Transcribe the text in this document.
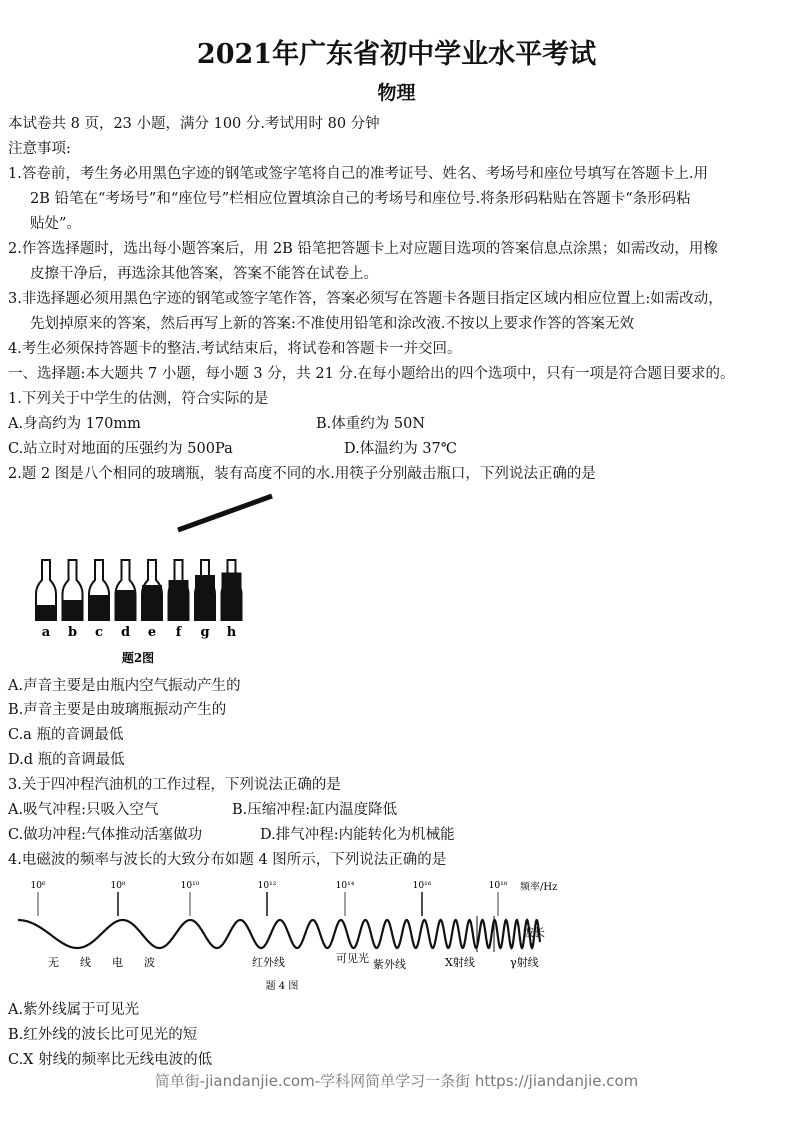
2021年广东省初中学业水平考试
物理
本试卷共 8 页，23 小题，满分 100 分.考试用时 80 分钟
注意事项:
1.答卷前，考生务必用黑色字迹的钢笔或签字笔将自己的准考证号、姓名、考场号和座位号填写在答题卡上.用
2B 铅笔在“考场号”和“座位号”栏相应位置填涂自己的考场号和座位号.将条形码粘贴在答题卡“条形码粘
贴处”。
2.作答选择题时，选出每小题答案后，用 2B 铅笔把答题卡上对应题目选项的答案信息点涂黑；如需改动，用橡
皮擦干净后，再选涂其他答案，答案不能答在试卷上。
3.非选择题必须用黑色字迹的钢笔或签字笔作答，答案必须写在答题卡各题目指定区域内相应位置上:如需改动，
先划掉原来的答案，然后再写上新的答案:不准使用铅笔和涂改液.不按以上要求作答的答案无效
4.考生必须保持答题卡的整洁.考试结束后，将试卷和答题卡一并交回。
一、选择题:本大题共 7 小题，每小题 3 分，共 21 分.在每小题给出的四个选项中，只有一项是符合题目要求的。
1.下列关于中学生的估测，符合实际的是
A.身高约为 170mm	B.体重约为 50N
C.站立时对地面的压强约为 500Pa	D.体温约为 37℃
2.题 2 图是八个相同的玻璃瓶，装有高度不同的水.用筷子分别敲击瓶口，下列说法正确的是
a b c d e f g h
题2图
A.声音主要是由瓶内空气振动产生的
B.声音主要是由玻璃瓶振动产生的
C.a 瓶的音调最低
D.d 瓶的音调最低
3.关于四冲程汽油机的工作过程，下列说法正确的是
A.吸气冲程:只吸入空气	B.压缩冲程:缸内温度降低
C.做功冲程:气体推动活塞做功	D.排气冲程:内能转化为机械能
4.电磁波的频率与波长的大致分布如题 4 图所示，下列说法正确的是
10⁶	10⁸	10¹⁰	10¹²	10¹⁴	10¹⁶	10¹⁸ 频率/Hz
波长
无 线 电 波	红外线	可见光 紫外线	X射线	γ射线
题 4 图
A.紫外线属于可见光
B.红外线的波长比可见光的短
C.X 射线的频率比无线电波的低
简单街-jiandanjie.com-学科网简单学习一条街 https://jiandanjie.com
